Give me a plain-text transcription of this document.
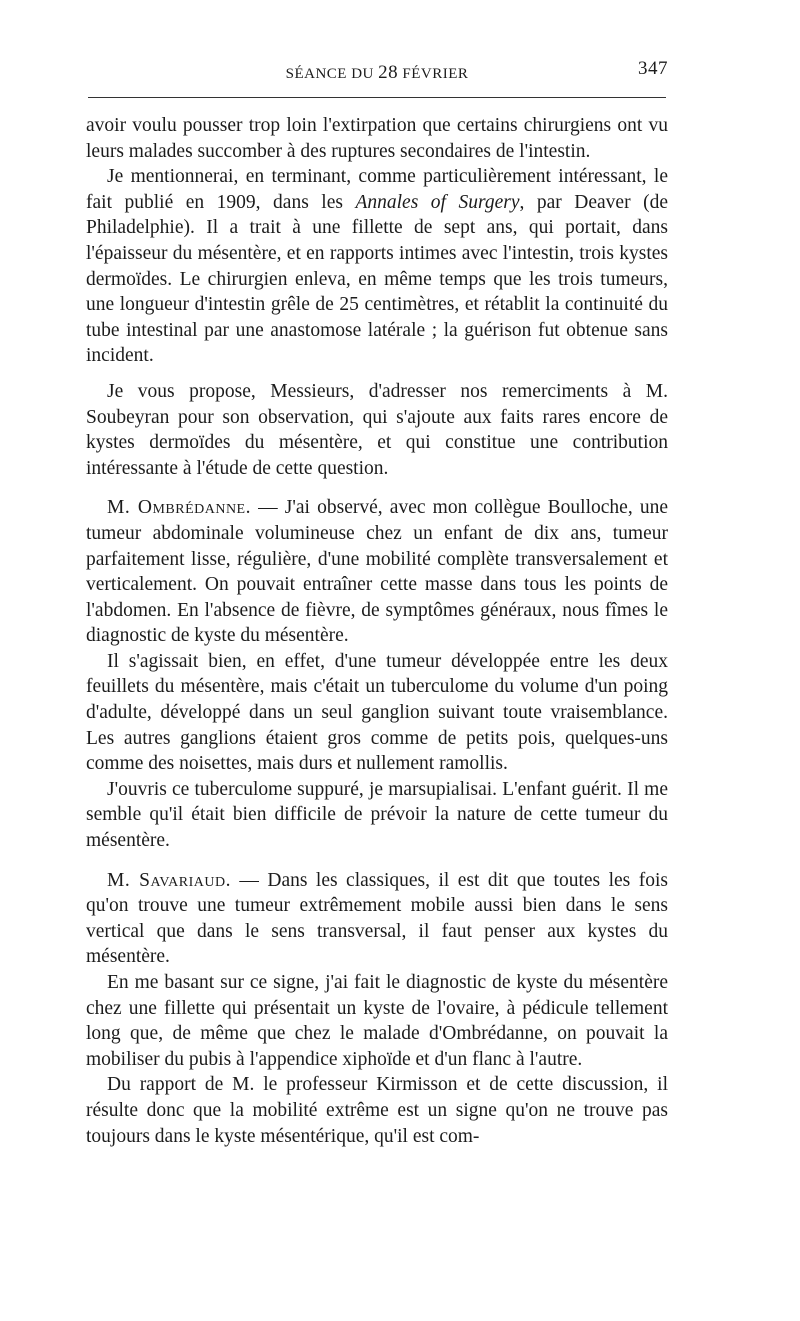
SÉANCE DU 28 FÉVRIER	347

avoir voulu pousser trop loin l'extirpation que certains chirurgiens ont vu leurs malades succomber à des ruptures secondaires de l'intestin.

Je mentionnerai, en terminant, comme particulièrement intéressant, le fait publié en 1909, dans les Annales of Surgery, par Deaver (de Philadelphie). Il a trait à une fillette de sept ans, qui portait, dans l'épaisseur du mésentère, et en rapports intimes avec l'intestin, trois kystes dermoïdes. Le chirurgien enleva, en même temps que les trois tumeurs, une longueur d'intestin grêle de 25 centimètres, et rétablit la continuité du tube intestinal par une anastomose latérale ; la guérison fut obtenue sans incident.

Je vous propose, Messieurs, d'adresser nos remerciments à M. Soubeyran pour son observation, qui s'ajoute aux faits rares encore de kystes dermoïdes du mésentère, et qui constitue une contribution intéressante à l'étude de cette question.

M. Ombrédanne. — J'ai observé, avec mon collègue Boulloche, une tumeur abdominale volumineuse chez un enfant de dix ans, tumeur parfaitement lisse, régulière, d'une mobilité complète transversalement et verticalement. On pouvait entraîner cette masse dans tous les points de l'abdomen. En l'absence de fièvre, de symptômes généraux, nous fîmes le diagnostic de kyste du mésentère.

Il s'agissait bien, en effet, d'une tumeur développée entre les deux feuillets du mésentère, mais c'était un tuberculome du volume d'un poing d'adulte, développé dans un seul ganglion suivant toute vraisemblance. Les autres ganglions étaient gros comme de petits pois, quelques-uns comme des noisettes, mais durs et nullement ramollis.

J'ouvris ce tuberculome suppuré, je marsupialisai. L'enfant guérit. Il me semble qu'il était bien difficile de prévoir la nature de cette tumeur du mésentère.

M. Savariaud. — Dans les classiques, il est dit que toutes les fois qu'on trouve une tumeur extrêmement mobile aussi bien dans le sens vertical que dans le sens transversal, il faut penser aux kystes du mésentère.

En me basant sur ce signe, j'ai fait le diagnostic de kyste du mésentère chez une fillette qui présentait un kyste de l'ovaire, à pédicule tellement long que, de même que chez le malade d'Ombrédanne, on pouvait la mobiliser du pubis à l'appendice xiphoïde et d'un flanc à l'autre.

Du rapport de M. le professeur Kirmisson et de cette discussion, il résulte donc que la mobilité extrême est un signe qu'on ne trouve pas toujours dans le kyste mésentérique, qu'il est com-
